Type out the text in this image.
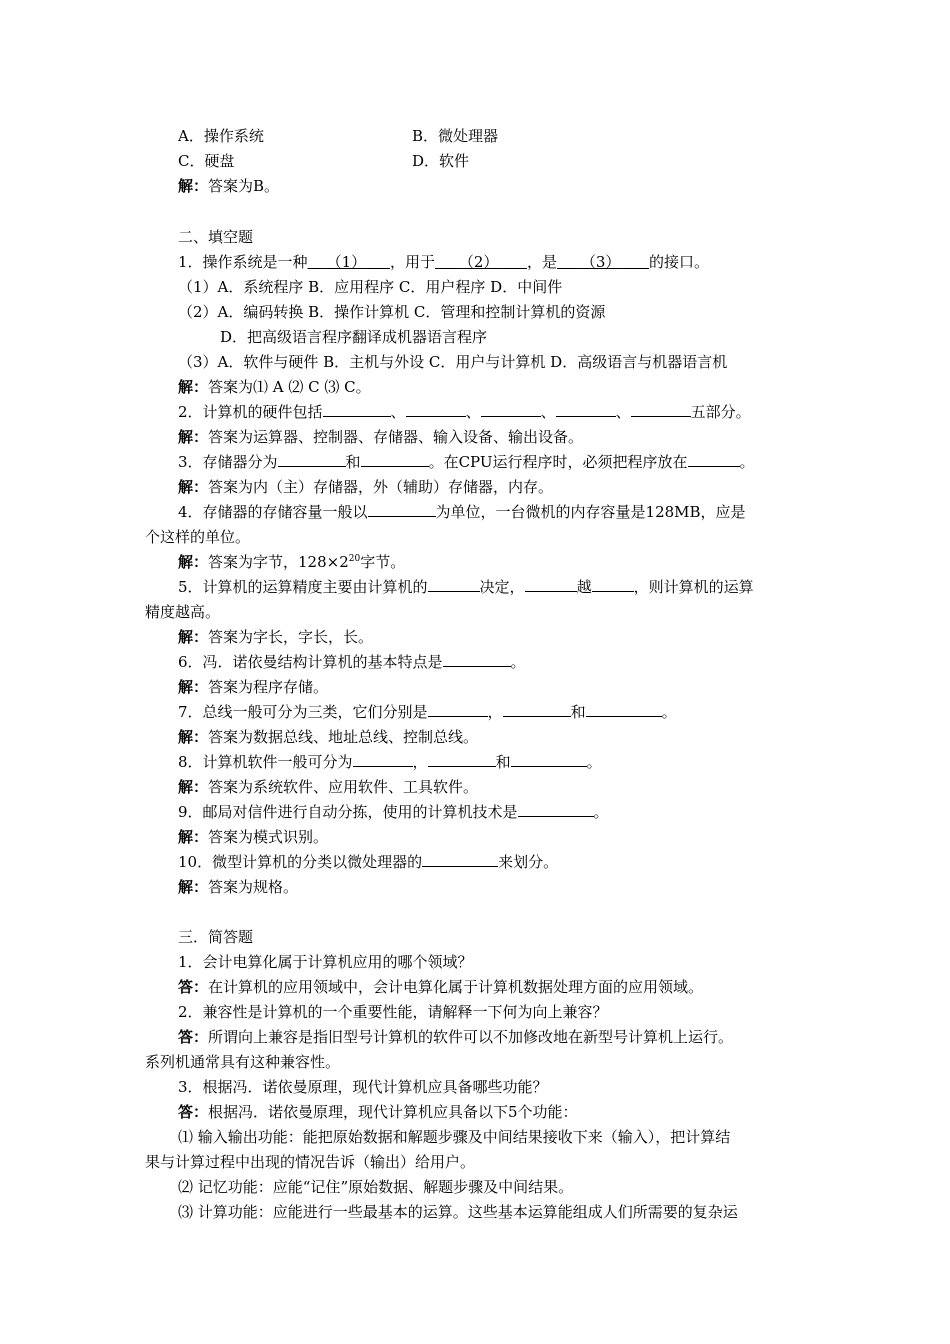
A．操作系统	B．微处理器
C．硬盘	D．软件
解：答案为B。
二、填空题
1．操作系统是一种 （1） ，用于 （2） ，是 （3） 的接口。
（1）A．系统程序 B．应用程序 C．用户程序 D．中间件
（2）A．编码转换 B．操作计算机 C．管理和控制计算机的资源
D．把高级语言程序翻译成机器语言程序
（3）A．软件与硬件 B．主机与外设 C．用户与计算机 D．高级语言与机器语言机
解：答案为⑴ A ⑵ C ⑶ C。
2．计算机的硬件包括	、	、	、	、	五部分。
解：答案为运算器、控制器、存储器、输入设备、输出设备。
3．存储器分为	和	。在CPU运行程序时，必须把程序放在	。
解：答案为内（主）存储器，外（辅助）存储器，内存。
4．存储器的存储容量一般以	为单位，一台微机的内存容量是128MB，应是
个这样的单位。
解：答案为字节，$128\times 2^{20}$字节。
5．计算机的运算精度主要由计算机的	决定，	越	，则计算机的运算
精度越高。
解：答案为字长，字长，长。
6．冯．诺依曼结构计算机的基本特点是	。
解：答案为程序存储。
7．总线一般可分为三类，它们分别是	，	和	。
解：答案为数据总线、地址总线、控制总线。
8．计算机软件一般可分为	，	和	。
解：答案为系统软件、应用软件、工具软件。
9．邮局对信件进行自动分拣，使用的计算机技术是	。
解：答案为模式识别。
10．微型计算机的分类以微处理器的	来划分。
解：答案为规格。
三．简答题
1．会计电算化属于计算机应用的哪个领域？
答：在计算机的应用领域中，会计电算化属于计算机数据处理方面的应用领域。
2．兼容性是计算机的一个重要性能，请解释一下何为向上兼容？
答：所谓向上兼容是指旧型号计算机的软件可以不加修改地在新型号计算机上运行。
系列机通常具有这种兼容性。
3．根据冯．诺依曼原理，现代计算机应具备哪些功能？
答：根据冯．诺依曼原理，现代计算机应具备以下5个功能：
⑴ 输入输出功能：能把原始数据和解题步骤及中间结果接收下来（输入），把计算结
果与计算过程中出现的情况告诉（输出）给用户。
⑵ 记忆功能：应能“记住”原始数据、解题步骤及中间结果。
⑶ 计算功能：应能进行一些最基本的运算。这些基本运算能组成人们所需要的复杂运
